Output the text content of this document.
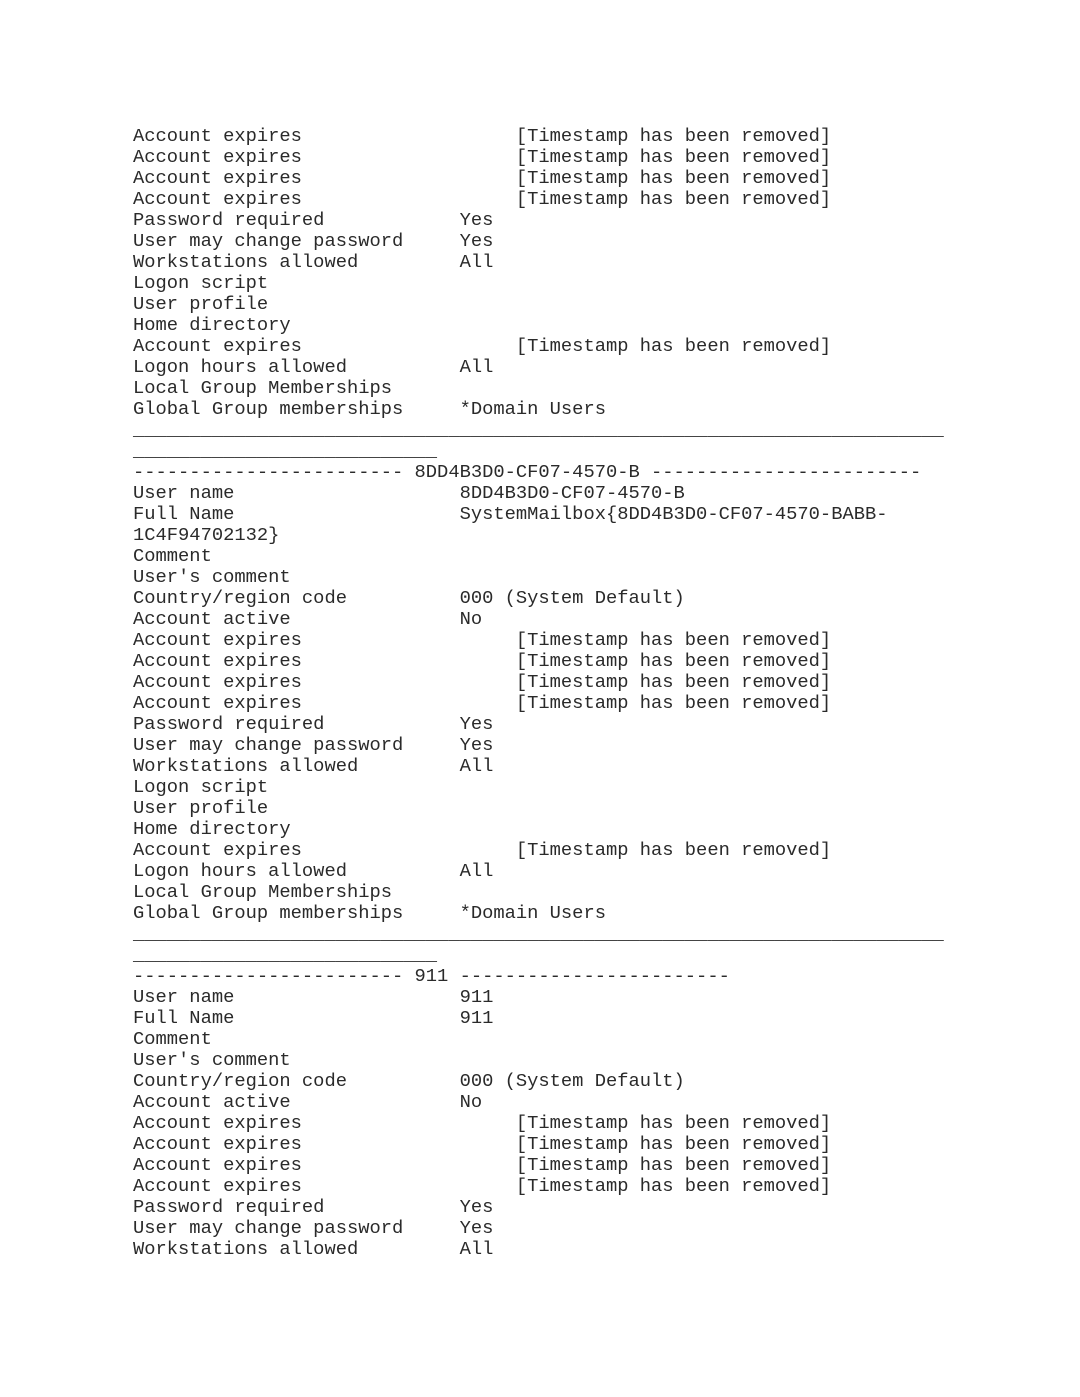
Account expires                   [Timestamp has been removed]
Account expires                   [Timestamp has been removed]
Account expires                   [Timestamp has been removed]
Account expires                   [Timestamp has been removed]
Password required            Yes
User may change password     Yes
Workstations allowed         All
Logon script
User profile
Home directory
Account expires                   [Timestamp has been removed]
Logon hours allowed          All
Local Group Memberships
Global Group memberships     *Domain Users
________________________________________________________________________
___________________________
------------------------ 8DD4B3D0-CF07-4570-B ------------------------
User name                    8DD4B3D0-CF07-4570-B
Full Name                    SystemMailbox{8DD4B3D0-CF07-4570-BABB-
1C4F94702132}
Comment
User's comment
Country/region code          000 (System Default)
Account active               No
Account expires                   [Timestamp has been removed]
Account expires                   [Timestamp has been removed]
Account expires                   [Timestamp has been removed]
Account expires                   [Timestamp has been removed]
Password required            Yes
User may change password     Yes
Workstations allowed         All
Logon script
User profile
Home directory
Account expires                   [Timestamp has been removed]
Logon hours allowed          All
Local Group Memberships
Global Group memberships     *Domain Users
________________________________________________________________________
___________________________
------------------------ 911 ------------------------
User name                    911
Full Name                    911
Comment
User's comment
Country/region code          000 (System Default)
Account active               No
Account expires                   [Timestamp has been removed]
Account expires                   [Timestamp has been removed]
Account expires                   [Timestamp has been removed]
Account expires                   [Timestamp has been removed]
Password required            Yes
User may change password     Yes
Workstations allowed         All
